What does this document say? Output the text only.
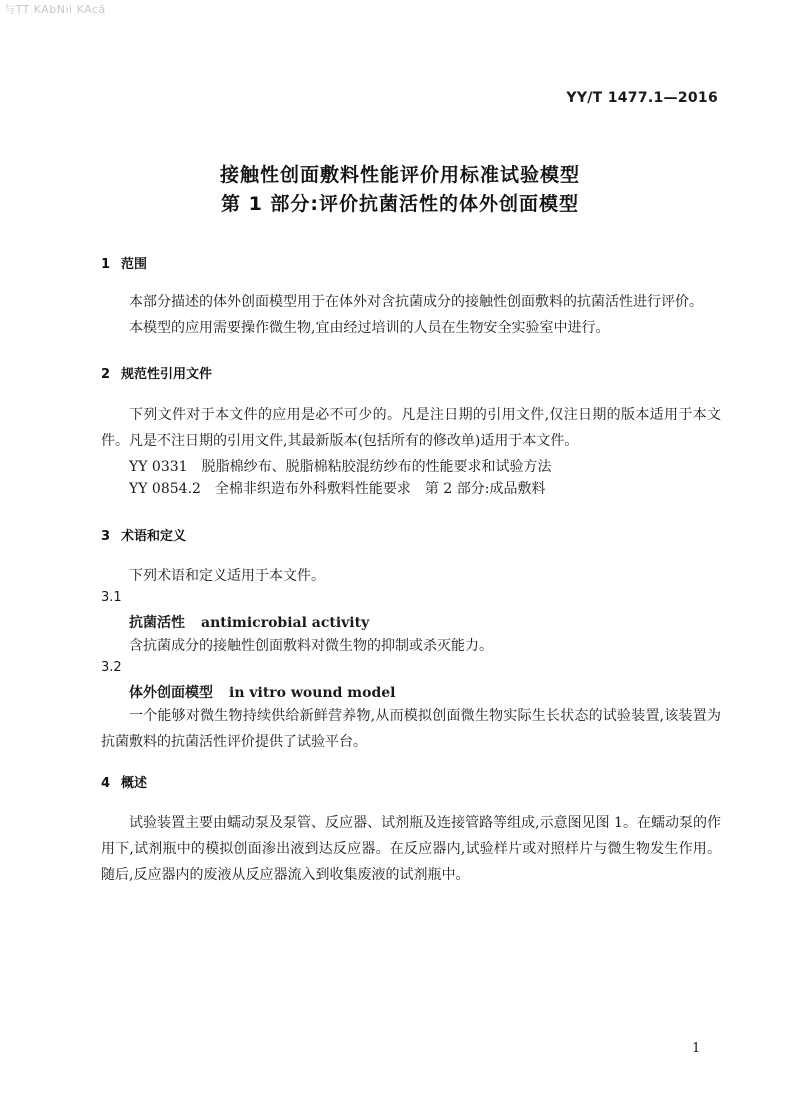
与TT KAbNıi KAcā
YY/T 1477.1—2016
接触性创面敷料性能评价用标准试验模型
第 1 部分:评价抗菌活性的体外创面模型
1 范围
本部分描述的体外创面模型用于在体外对含抗菌成分的接触性创面敷料的抗菌活性进行评价。
本模型的应用需要操作微生物,宜由经过培训的人员在生物安全实验室中进行。
2 规范性引用文件
下列文件对于本文件的应用是必不可少的。凡是注日期的引用文件,仅注日期的版本适用于本文件。凡是不注日期的引用文件,其最新版本(包括所有的修改单)适用于本文件。
YY 0331　脱脂棉纱布、脱脂棉粘胶混纺纱布的性能要求和试验方法
YY 0854.2　全棉非织造布外科敷料性能要求　第 2 部分:成品敷料
3 术语和定义
下列术语和定义适用于本文件。
3.1
抗菌活性 antimicrobial activity
含抗菌成分的接触性创面敷料对微生物的抑制或杀灭能力。
3.2
体外创面模型 in vitro wound model
一个能够对微生物持续供给新鲜营养物,从而模拟创面微生物实际生长状态的试验装置,该装置为抗菌敷料的抗菌活性评价提供了试验平台。
4 概述
试验装置主要由蠕动泵及泵管、反应器、试剂瓶及连接管路等组成,示意图见图 1。在蠕动泵的作用下,试剂瓶中的模拟创面渗出液到达反应器。在反应器内,试验样片或对照样片与微生物发生作用。随后,反应器内的废液从反应器流入到收集废液的试剂瓶中。
1
